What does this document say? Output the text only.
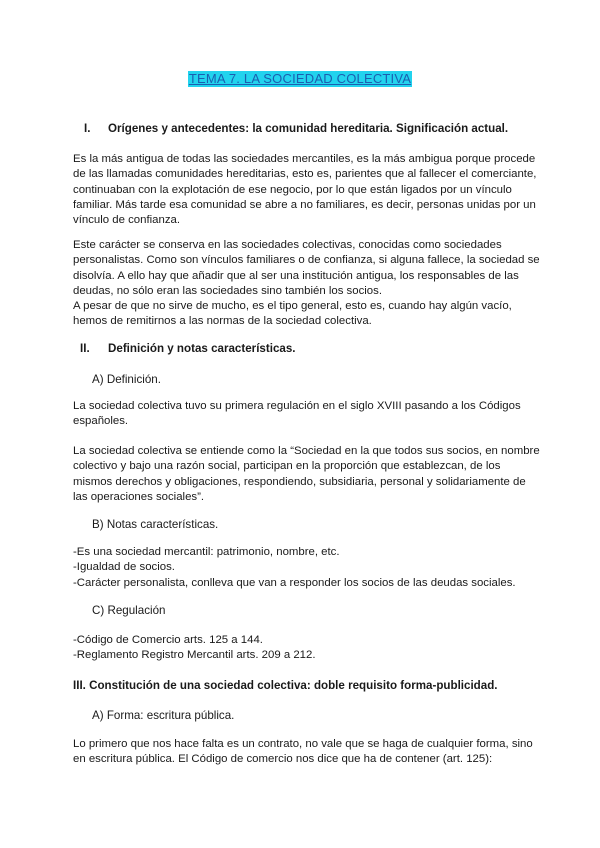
TEMA 7. LA SOCIEDAD COLECTIVA
I. Orígenes y antecedentes: la comunidad hereditaria. Significación actual.
Es la más antigua de todas las sociedades mercantiles, es la más ambigua porque procede
de las llamadas comunidades hereditarias, esto es, parientes que al fallecer el comerciante,
continuaban con la explotación de ese negocio, por lo que están ligados por un vínculo
familiar. Más tarde esa comunidad se abre a no familiares, es decir, personas unidas por un
vínculo de confianza.
Este carácter se conserva en las sociedades colectivas, conocidas como sociedades
personalistas. Como son vínculos familiares o de confianza, si alguna fallece, la sociedad se
disolvía. A ello hay que añadir que al ser una institución antigua, los responsables de las
deudas, no sólo eran las sociedades sino también los socios.
A pesar de que no sirve de mucho, es el tipo general, esto es, cuando hay algún vacío,
hemos de remitirnos a las normas de la sociedad colectiva.
II. Definición y notas características.
A) Definición.
La sociedad colectiva tuvo su primera regulación en el siglo XVIII pasando a los Códigos
españoles.
La sociedad colectiva se entiende como la “Sociedad en la que todos sus socios, en nombre
colectivo y bajo una razón social, participan en la proporción que establezcan, de los
mismos derechos y obligaciones, respondiendo, subsidiaria, personal y solidariamente de
las operaciones sociales”.
B) Notas características.
-Es una sociedad mercantil: patrimonio, nombre, etc.
-Igualdad de socios.
-Carácter personalista, conlleva que van a responder los socios de las deudas sociales.
C) Regulación
-Código de Comercio arts. 125 a 144.
-Reglamento Registro Mercantil arts. 209 a 212.
III. Constitución de una sociedad colectiva: doble requisito forma-publicidad.
A) Forma: escritura pública.
Lo primero que nos hace falta es un contrato, no vale que se haga de cualquier forma, sino
en escritura pública. El Código de comercio nos dice que ha de contener (art. 125):
